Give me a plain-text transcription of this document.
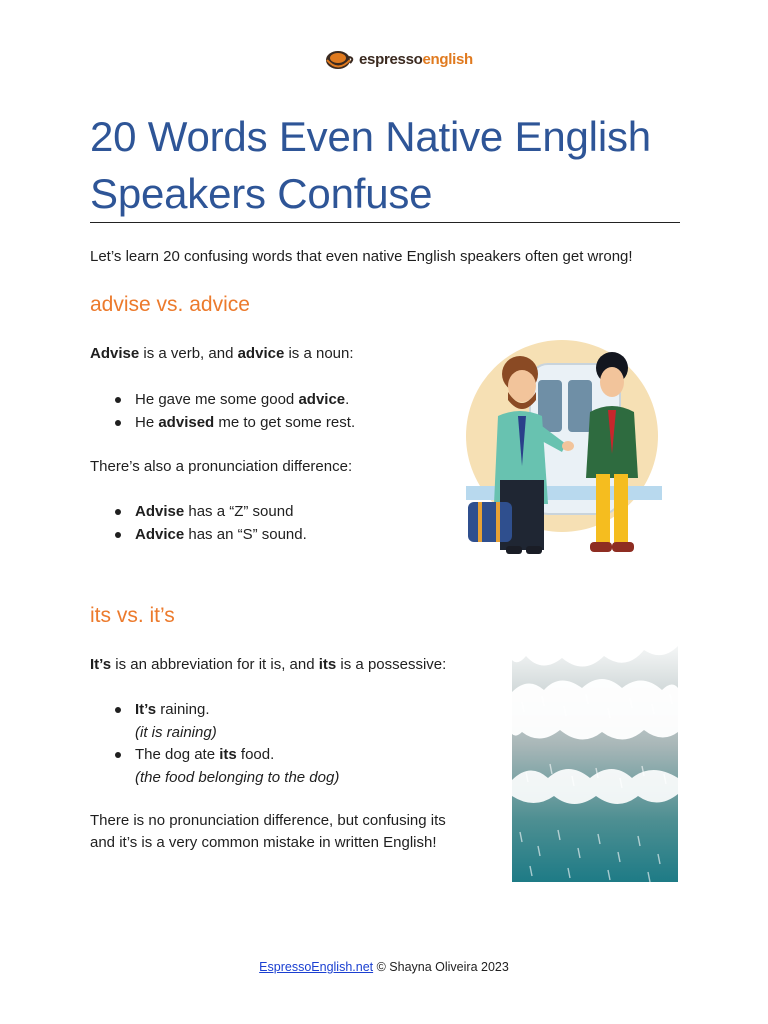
espressoenglish
20 Words Even Native English
Speakers Confuse
Let’s learn 20 confusing words that even native English speakers often get wrong!
advise vs. advice
Advise is a verb, and advice is a noun:
He gave me some good advice.
He advised me to get some rest.
There’s also a pronunciation difference:
Advise has a “Z” sound
Advice has an “S” sound.
its vs. it’s
It’s is an abbreviation for it is, and its is a possessive:
It’s raining.
(it is raining)
The dog ate its food.
(the food belonging to the dog)
There is no pronunciation difference, but confusing its
and it’s is a very common mistake in written English!
EspressoEnglish.net © Shayna Oliveira 2023
